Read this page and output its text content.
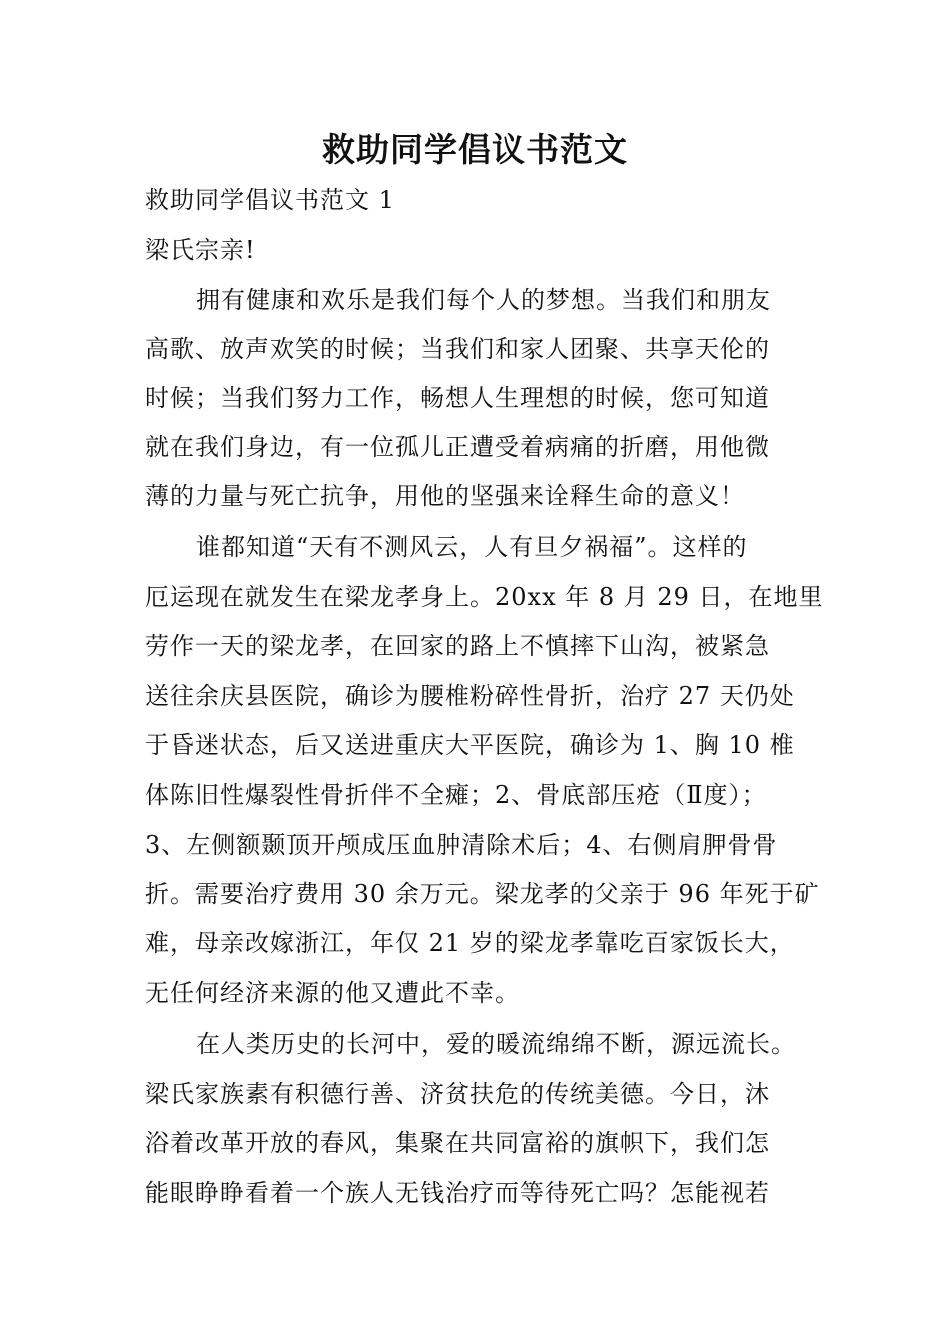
救助同学倡议书范文

救助同学倡议书范文 1

梁氏宗亲!

拥有健康和欢乐是我们每个人的梦想。当我们和朋友

高歌、放声欢笑的时候；当我们和家人团聚、共享天伦的

时候；当我们努力工作，畅想人生理想的时候，您可知道

就在我们身边，有一位孤儿正遭受着病痛的折磨，用他微

薄的力量与死亡抗争，用他的坚强来诠释生命的意义！

谁都知道“天有不测风云，人有旦夕祸福”。这样的

厄运现在就发生在梁龙孝身上。20xx 年 8 月 29 日，在地里

劳作一天的梁龙孝，在回家的路上不慎摔下山沟，被紧急

送往余庆县医院，确诊为腰椎粉碎性骨折，治疗 27 天仍处

于昏迷状态，后又送进重庆大平医院，确诊为 1、胸 10 椎

体陈旧性爆裂性骨折伴不全瘫；2、骨底部压疮（Ⅱ度）；

3、左侧额颞顶开颅成压血肿清除术后；4、右侧肩胛骨骨

折。需要治疗费用 30 余万元。梁龙孝的父亲于 96 年死于矿

难，母亲改嫁浙江，年仅 21 岁的梁龙孝靠吃百家饭长大，

无任何经济来源的他又遭此不幸。

在人类历史的长河中，爱的暖流绵绵不断，源远流长。

梁氏家族素有积德行善、济贫扶危的传统美德。今日，沐

浴着改革开放的春风，集聚在共同富裕的旗帜下，我们怎

能眼睁睁看着一个族人无钱治疗而等待死亡吗？怎能视若
